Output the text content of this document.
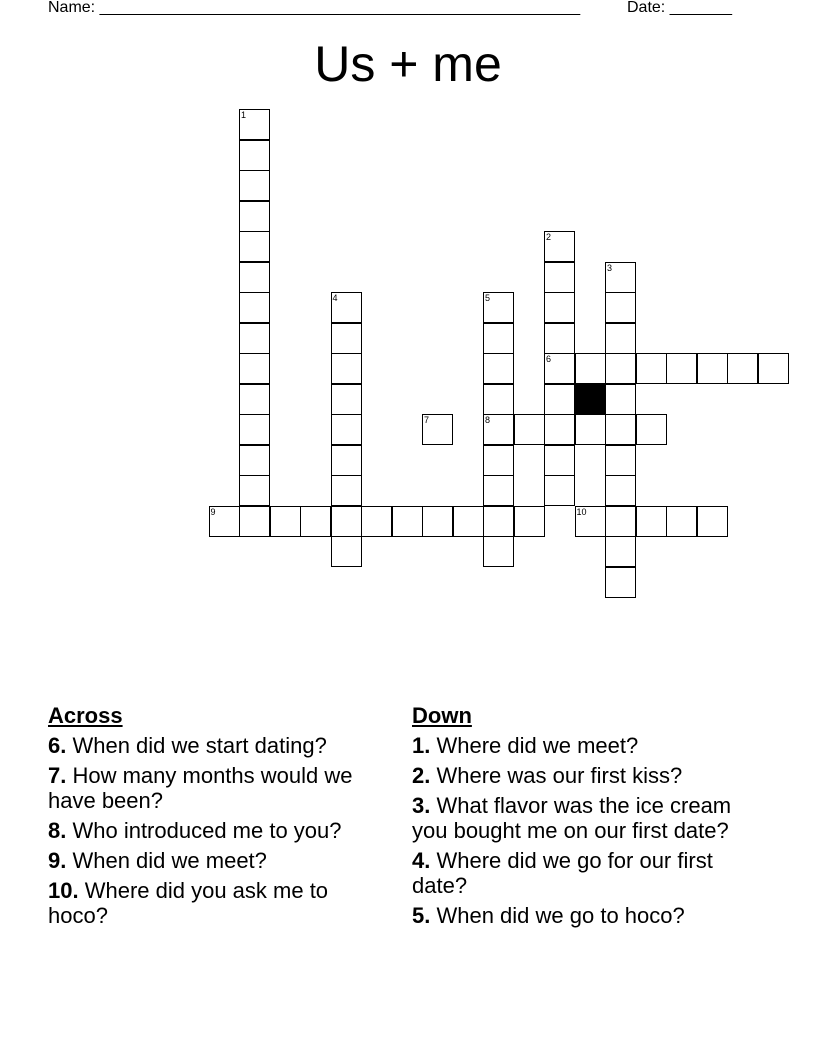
Name: ______________________________________________________	Date: _______
Us + me
1
2
6
3
4	5
8
7
9	10
Across
6. When did we start dating?
7. How many months would we have been?
8. Who introduced me to you?
9. When did we meet?
10. Where did you ask me to hoco?
Down
1. Where did we meet?
2. Where was our first kiss?
3. What flavor was the ice cream you bought me on our first date?
4. Where did we go for our first date?
5. When did we go to hoco?
